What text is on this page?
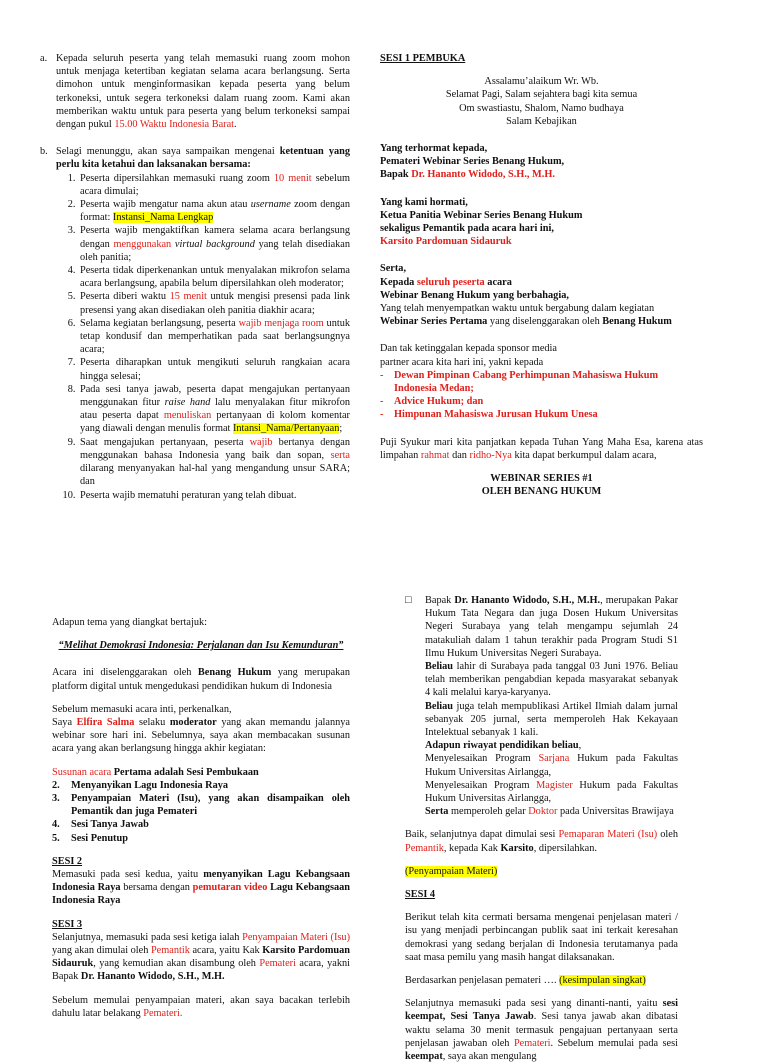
a. Kepada seluruh peserta yang telah memasuki ruang zoom mohon untuk menjaga ketertiban kegiatan selama acara berlangsung. Serta dimohon untuk menginformasikan kepada peserta yang belum terkoneksi, untuk segera terkoneksi dalam ruang zoom. Kami akan memberikan waktu untuk para peserta yang belum terkoneksi sampai dengan pukul 15.00 Waktu Indonesia Barat.

b. Selagi menunggu, akan saya sampaikan mengenai ketentuan yang perlu kita ketahui dan laksanakan bersama:

1. Peserta dipersilahkan memasuki ruang zoom 10 menit sebelum acara dimulai;
2. Peserta wajib mengatur nama akun atau username zoom dengan format: Instansi_Nama Lengkap
3. Peserta wajib mengaktifkan kamera selama acara berlangsung dengan menggunakan virtual background yang telah disediakan oleh panitia;
4. Peserta tidak diperkenankan untuk menyalakan mikrofon selama acara berlangsung, apabila belum dipersilahkan oleh moderator;
5. Peserta diberi waktu 15 menit untuk mengisi presensi pada link presensi yang akan disediakan oleh panitia diakhir acara;
6. Selama kegiatan berlangsung, peserta wajib menjaga room untuk tetap kondusif dan memperhatikan pada saat berlangsungnya acara;
7. Peserta diharapkan untuk mengikuti seluruh rangkaian acara hingga selesai;
8. Pada sesi tanya jawab, peserta dapat mengajukan pertanyaan menggunakan fitur raise hand lalu menyalakan fitur mikrofon atau peserta dapat menuliskan pertanyaan di kolom komentar yang diawali dengan menulis format Intansi_Nama/Pertanyaan;
9. Saat mengajukan pertanyaan, peserta wajib bertanya dengan menggunakan bahasa Indonesia yang baik dan sopan, serta dilarang menyanyakan hal-hal yang mengandung unsur SARA; dan
10. Peserta wajib mematuhi peraturan yang telah dibuat.

SESI 1 PEMBUKA

Assalamu’alaikum Wr. Wb.

Selamat Pagi, Salam sejahtera bagi kita semua

Om swastiastu, Shalom, Namo budhaya

Salam Kebajikan

Yang terhormat kepada,

Pemateri Webinar Series Benang Hukum,

Bapak Dr. Hananto Widodo, S.H., M.H.

Yang kami hormati,

Ketua Panitia Webinar Series Benang Hukum

sekaligus Pemantik pada acara hari ini,

Karsito Pardomuan Sidauruk

Serta,

Kepada seluruh peserta acara

Webinar Benang Hukum yang berbahagia,

Yang telah menyempatkan waktu untuk bergabung dalam kegiatan

Webinar Series Pertama yang diselenggarakan oleh Benang Hukum

Dan tak ketinggalan kepada sponsor media

partner acara kita hari ini, yakni kepada

-	Dewan Pimpinan Cabang Perhimpunan Mahasiswa Hukum Indonesia Medan;
-	Advice Hukum; dan
-	Himpunan Mahasiswa Jurusan Hukum Unesa

Puji Syukur mari kita panjatkan kepada Tuhan Yang Maha Esa, karena atas limpahan rahmat dan ridho-Nya kita dapat berkumpul dalam acara,

WEBINAR SERIES #1

OLEH BENANG HUKUM

Adapun tema yang diangkat bertajuk:

“Melihat Demokrasi Indonesia: Perjalanan dan Isu Kemunduran”

Acara ini diselenggarakan oleh Benang Hukum yang merupakan platform digital untuk mengedukasi pendidikan hukum di Indonesia

Sebelum memasuki acara inti, perkenalkan,

Saya Elfira Salma selaku moderator yang akan memandu jalannya webinar sore hari ini. Sebelumnya, saya akan membacakan susunan acara yang akan berlangsung hingga akhir kegiatan:

Susunan acara Pertama adalah Sesi Pembukaan

2.	Menyanyikan Lagu Indonesia Raya
3.	Penyampaian Materi (Isu), yang akan disampaikan oleh Pemantik dan juga Pemateri
4.	Sesi Tanya Jawab
5.	Sesi Penutup

SESI 2

Memasuki pada sesi kedua, yaitu menyanyikan Lagu Kebangsaan Indonesia Raya bersama dengan pemutaran video Lagu Kebangsaan Indonesia Raya

SESI 3

Selanjutnya, memasuki pada sesi ketiga ialah Penyampaian Materi (Isu) yang akan dimulai oleh Pemantik acara, yaitu Kak Karsito Pardomuan Sidauruk, yang kemudian akan disambung oleh Pemateri acara, yakni Bapak Dr. Hananto Widodo, S.H., M.H.

Sebelum memulai penyampaian materi, akan saya bacakan terlebih dahulu latar belakang Pemateri.

□	Bapak Dr. Hananto Widodo, S.H., M.H., merupakan Pakar Hukum Tata Negara dan juga Dosen Hukum Universitas Negeri Surabaya yang telah mengampu sejumlah 24 matakuliah dalam 1 tahun terakhir pada Program Studi S1 Ilmu Hukum Universitas Negeri Surabaya.

Beliau lahir di Surabaya pada tanggal 03 Juni 1976. Beliau telah memberikan pengabdian kepada masyarakat sebanyak 4 kali melalui karya-karyanya.

Beliau juga telah mempublikasi Artikel Ilmiah dalam jurnal sebanyak 205 jurnal, serta memperoleh Hak Kekayaan Intelektual sebanyak 1 kali.

Adapun riwayat pendidikan beliau,

Menyelesaikan Program Sarjana Hukum pada Fakultas Hukum Universitas Airlangga,

Menyelesaikan Program Magister Hukum pada Fakultas Hukum Universitas Airlangga,

Serta memperoleh gelar Doktor pada Universitas Brawijaya

Baik, selanjutnya dapat dimulai sesi Pemaparan Materi (Isu) oleh Pemantik, kepada Kak Karsito, dipersilahkan.

(Penyampaian Materi)

SESI 4

Berikut telah kita cermati bersama mengenai penjelasan materi / isu yang menjadi perbincangan publik saat ini terkait keresahan demokrasi yang sedang berjalan di Indonesia terutamanya pada saat masa pemilu yang masih hangat dilaksanakan.

Berdasarkan penjelasan pemateri …. (kesimpulan singkat)

Selanjutnya memasuki pada sesi yang dinanti-nanti, yaitu sesi keempat, Sesi Tanya Jawab. Sesi tanya jawab akan dibatasi waktu selama 30 menit termasuk pengajuan pertanyaan serta penjelasan jawaban oleh Pemateri. Sebelum memulai pada sesi keempat, saya akan mengulang
